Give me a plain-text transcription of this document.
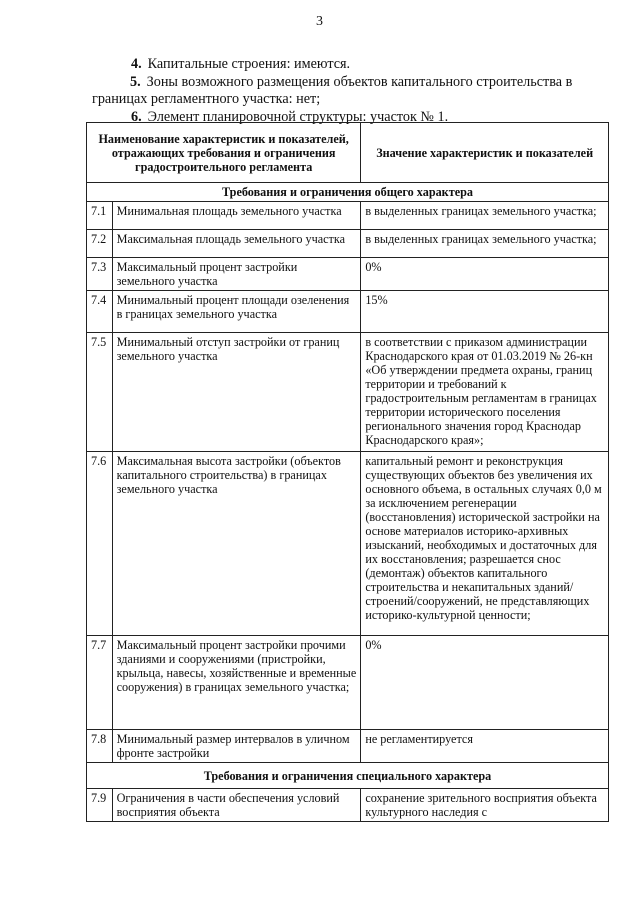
3
4. Капитальные строения: имеются.
5. Зоны возможного размещения объектов капитального строительства в границах регламентного участка: нет;
6. Элемент планировочной структуры: участок № 1.
Наименование характеристик и показателей, отражающих требования и ограничения градостроительного регламента		Значение характеристик и показателей
Требования и ограничения общего характера		
7.1	Минимальная площадь земельного участка	в выделенных границах земельного участка;
7.2	Максимальная площадь земельного участка	в выделенных границах земельного участка;
7.3	Максимальный процент застройки земельного участка	0%
7.4	Минимальный процент площади озеленения в границах земельного участка	15%
7.5	Минимальный отступ застройки от границ земельного участка	в соответствии с приказом администрации Краснодарского края от 01.03.2019 № 26-кн «Об утверждении предмета охраны, границ территории и требований к градостроительным регламентам в границах территории исторического поселения регионального значения город Краснодар Краснодарского края»;
7.6	Максимальная высота застройки (объектов капитального строительства) в границах земельного участка	капитальный ремонт и реконструкция существующих объектов без увеличения их основного объема, в остальных случаях 0,0 м за исключением регенерации (восстановления) исторической застройки на основе материалов историко-архивных изысканий, необходимых и достаточных для их восстановления; разрешается снос (демонтаж) объектов капитального строительства и некапитальных зданий/строений/сооружений, не представляющих историко-культурной ценности;
7.7	Максимальный процент застройки прочими зданиями и сооружениями (пристройки, крыльца, навесы, хозяйственные и временные сооружения) в границах земельного участка;	0%
7.8	Минимальный размер интервалов в уличном фронте застройки	не регламентируется
Требования и ограничения специального характера		
7.9	Ограничения в части обеспечения условий восприятия объекта	сохранение зрительного восприятия объекта культурного наследия с
